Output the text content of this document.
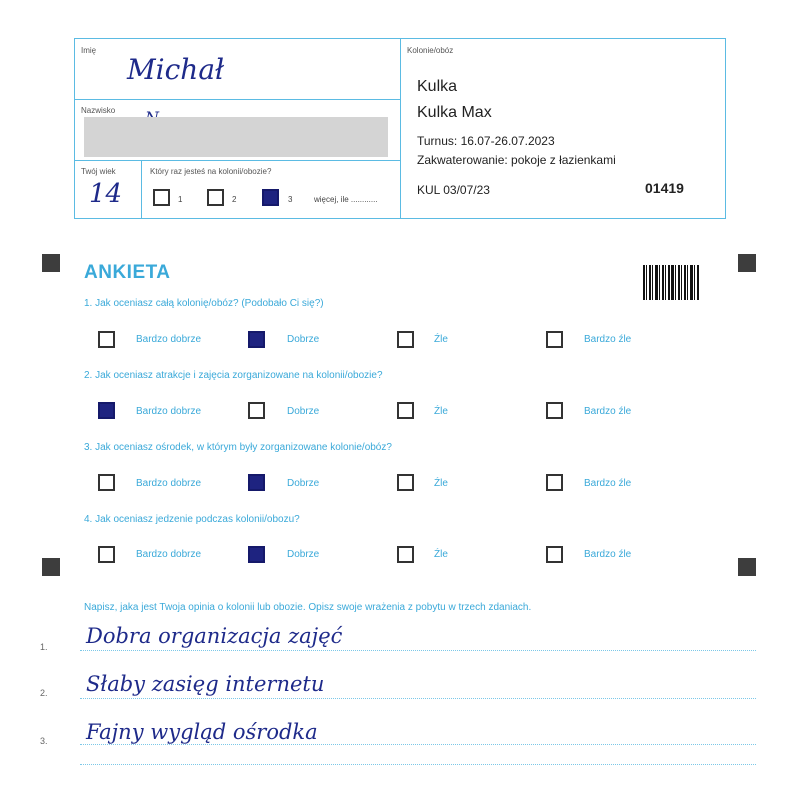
Imię
Michał
Nazwisko
Twój wiek
14
Który raz jesteś na kolonii/obozie?
1	2	3	więcej, ile ............
Kolonie/obóz
Kulka
Kulka Max
Turnus: 16.07-26.07.2023
Zakwaterowanie: pokoje z łazienkami
KUL 03/07/23	01419
ANKIETA
1. Jak oceniasz całą kolonię/obóz? (Podobało Ci się?)
Bardzo dobrze	Dobrze	Źle	Bardzo źle
2. Jak oceniasz atrakcje i zajęcia zorganizowane na kolonii/obozie?
Bardzo dobrze	Dobrze	Źle	Bardzo źle
3. Jak oceniasz ośrodek, w którym były zorganizowane kolonie/obóz?
Bardzo dobrze	Dobrze	Źle	Bardzo źle
4. Jak oceniasz jedzenie podczas kolonii/obozu?
Bardzo dobrze	Dobrze	Źle	Bardzo źle
Napisz, jaka jest Twoja opinia o kolonii lub obozie. Opisz swoje wrażenia z pobytu w trzech zdaniach.
1. Dobra organizacja zajęć
2. Słaby zasięg internetu
3. Fajny wygląd ośrodka
